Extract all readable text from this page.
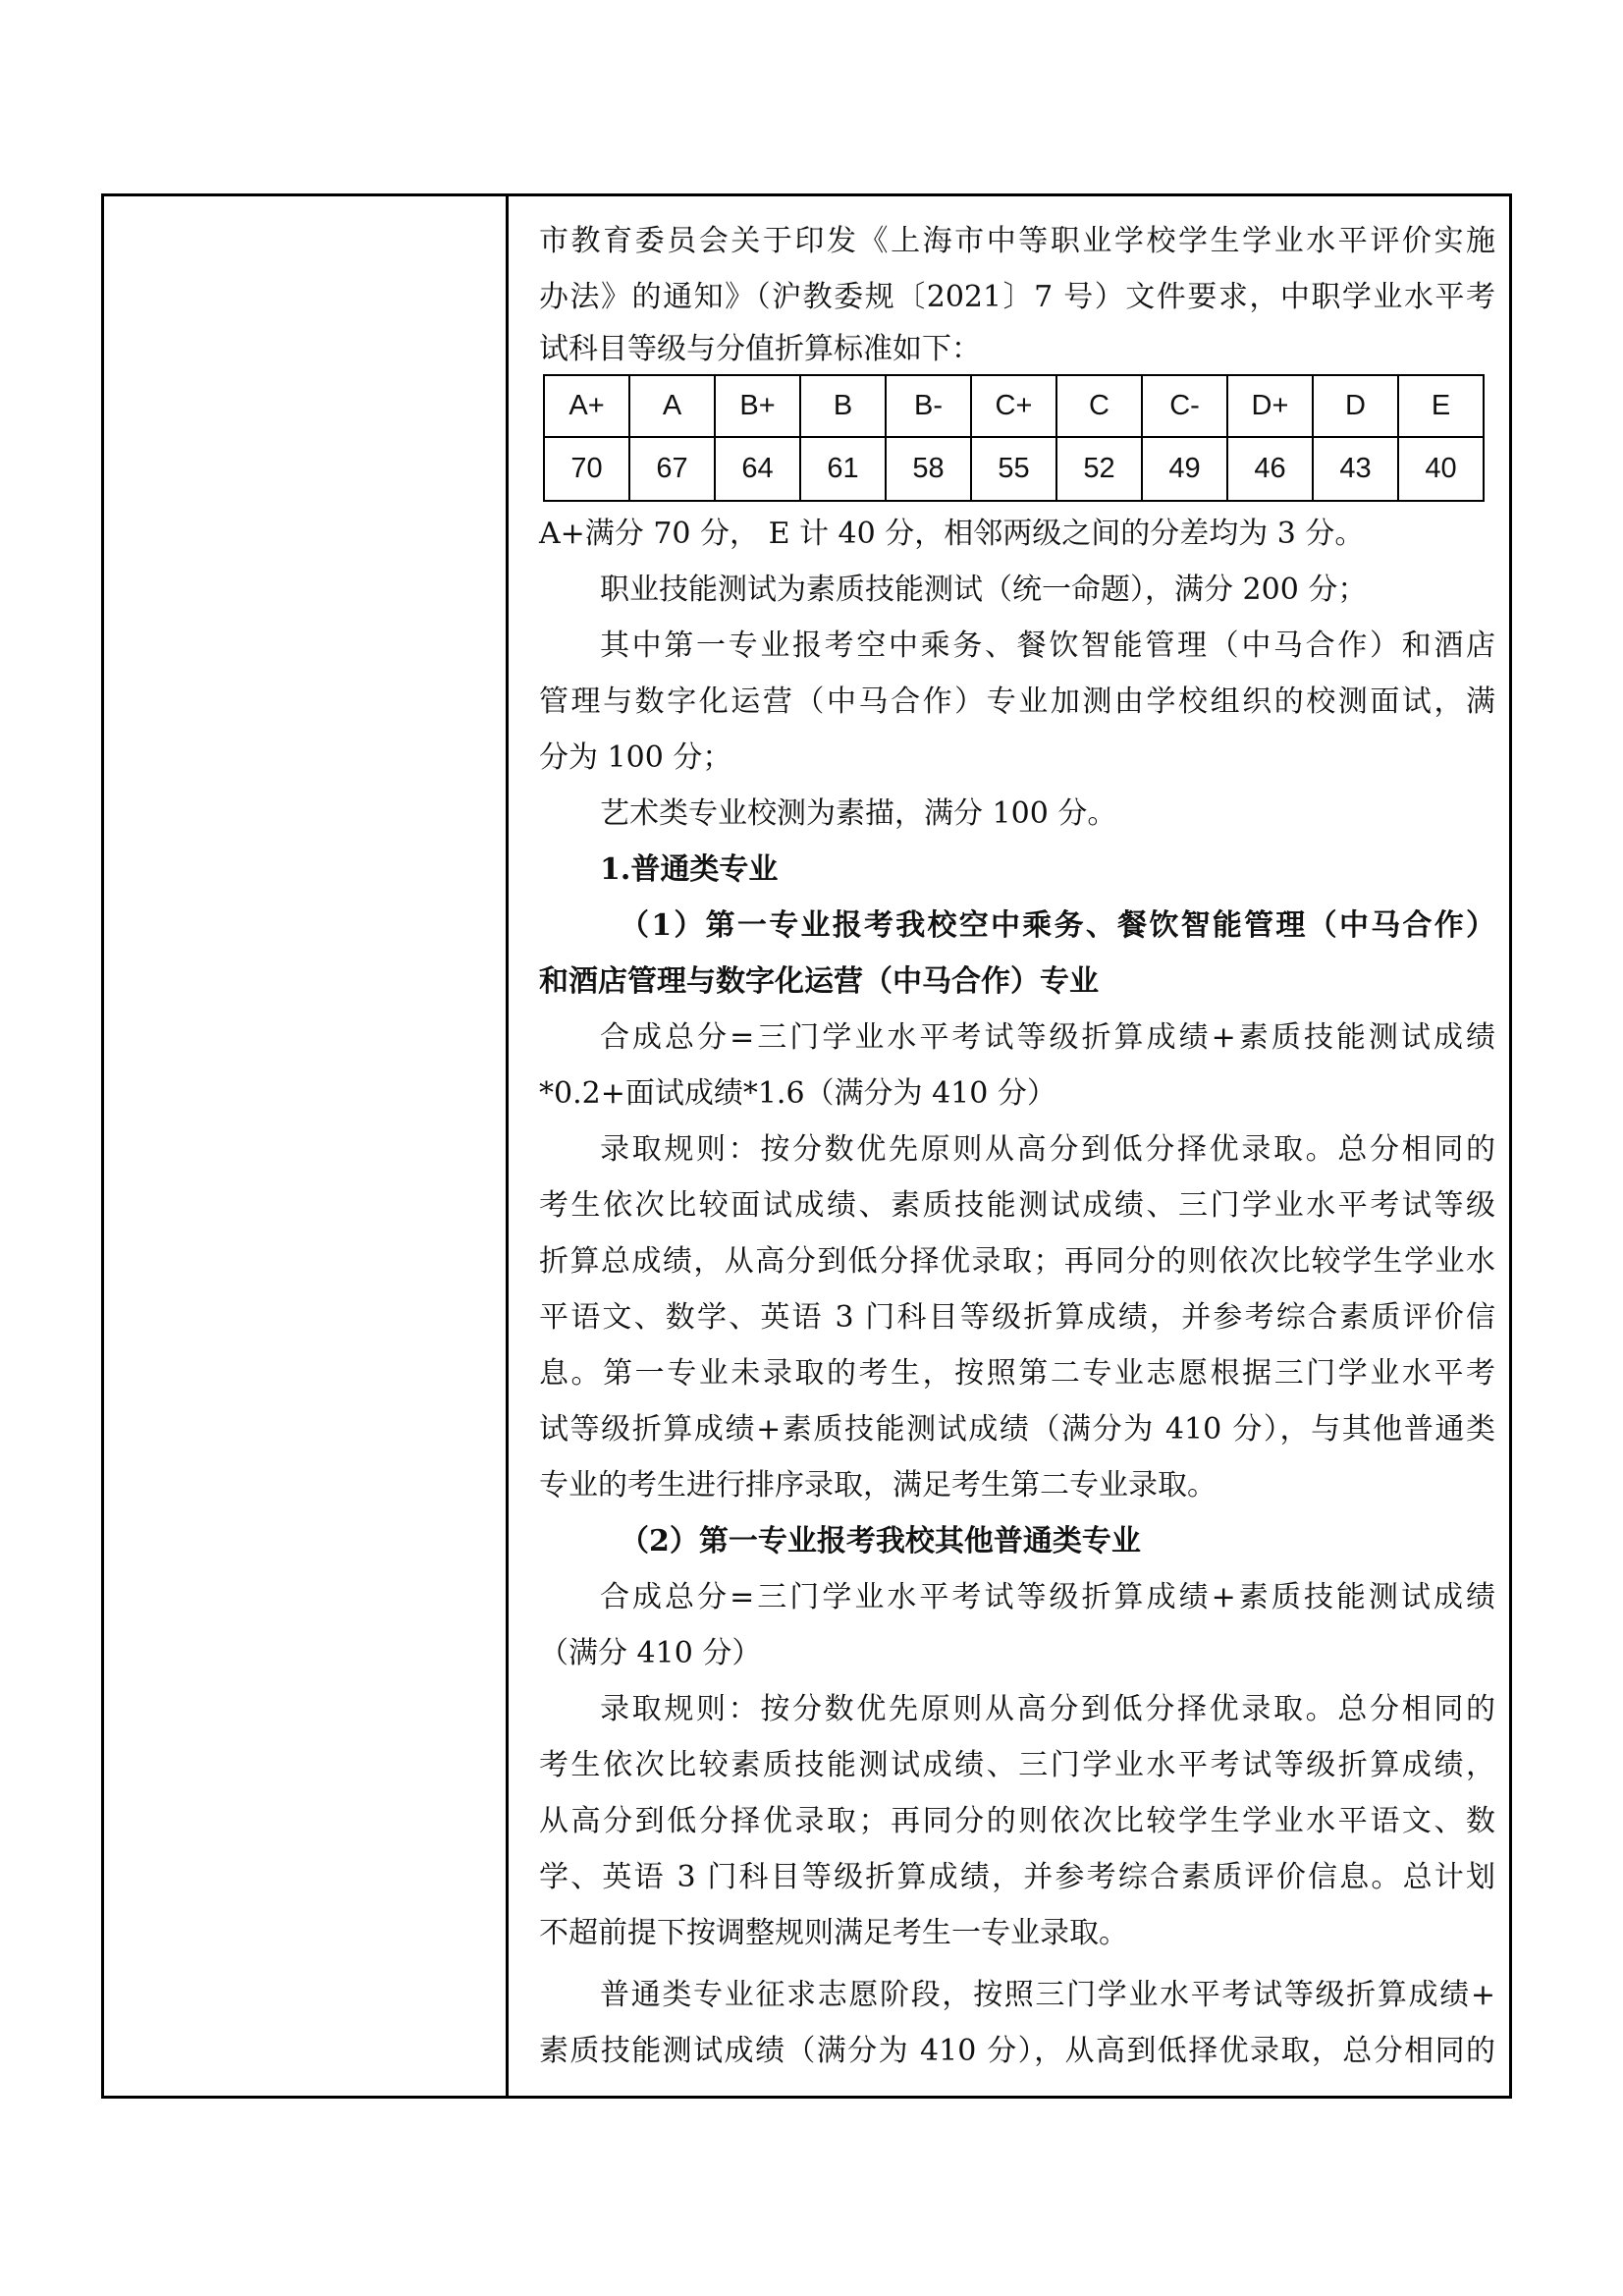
市教育委员会关于印发《上海市中等职业学校学生学业水平评价实施

办法》的通知》（沪教委规〔2021〕7 号）文件要求，中职学业水平考

试科目等级与分值折算标准如下：

A+	A	B+	B	B-	C+	C	C-	D+	D	E
70	67	64	61	58	55	52	49	46	43	40

A+满分 70 分， E 计 40 分，相邻两级之间的分差均为 3 分。

职业技能测试为素质技能测试（统一命题），满分 200 分；

其中第一专业报考空中乘务、餐饮智能管理（中马合作）和酒店

管理与数字化运营（中马合作）专业加测由学校组织的校测面试，满

分为 100 分；

艺术类专业校测为素描，满分 100 分。

1.普通类专业

（1）第一专业报考我校空中乘务、餐饮智能管理（中马合作）

和酒店管理与数字化运营（中马合作）专业

合成总分=三门学业水平考试等级折算成绩+素质技能测试成绩

*0.2+面试成绩*1.6（满分为 410 分）

录取规则：按分数优先原则从高分到低分择优录取。总分相同的

考生依次比较面试成绩、素质技能测试成绩、三门学业水平考试等级

折算总成绩，从高分到低分择优录取；再同分的则依次比较学生学业水

平语文、数学、英语 3 门科目等级折算成绩，并参考综合素质评价信

息。第一专业未录取的考生，按照第二专业志愿根据三门学业水平考

试等级折算成绩+素质技能测试成绩（满分为 410 分），与其他普通类

专业的考生进行排序录取，满足考生第二专业录取。

（2）第一专业报考我校其他普通类专业

合成总分=三门学业水平考试等级折算成绩+素质技能测试成绩

（满分 410 分）

录取规则：按分数优先原则从高分到低分择优录取。总分相同的

考生依次比较素质技能测试成绩、三门学业水平考试等级折算成绩，

从高分到低分择优录取；再同分的则依次比较学生学业水平语文、数

学、英语 3 门科目等级折算成绩，并参考综合素质评价信息。总计划

不超前提下按调整规则满足考生一专业录取。

普通类专业征求志愿阶段，按照三门学业水平考试等级折算成绩+

素质技能测试成绩（满分为 410 分），从高到低择优录取，总分相同的
